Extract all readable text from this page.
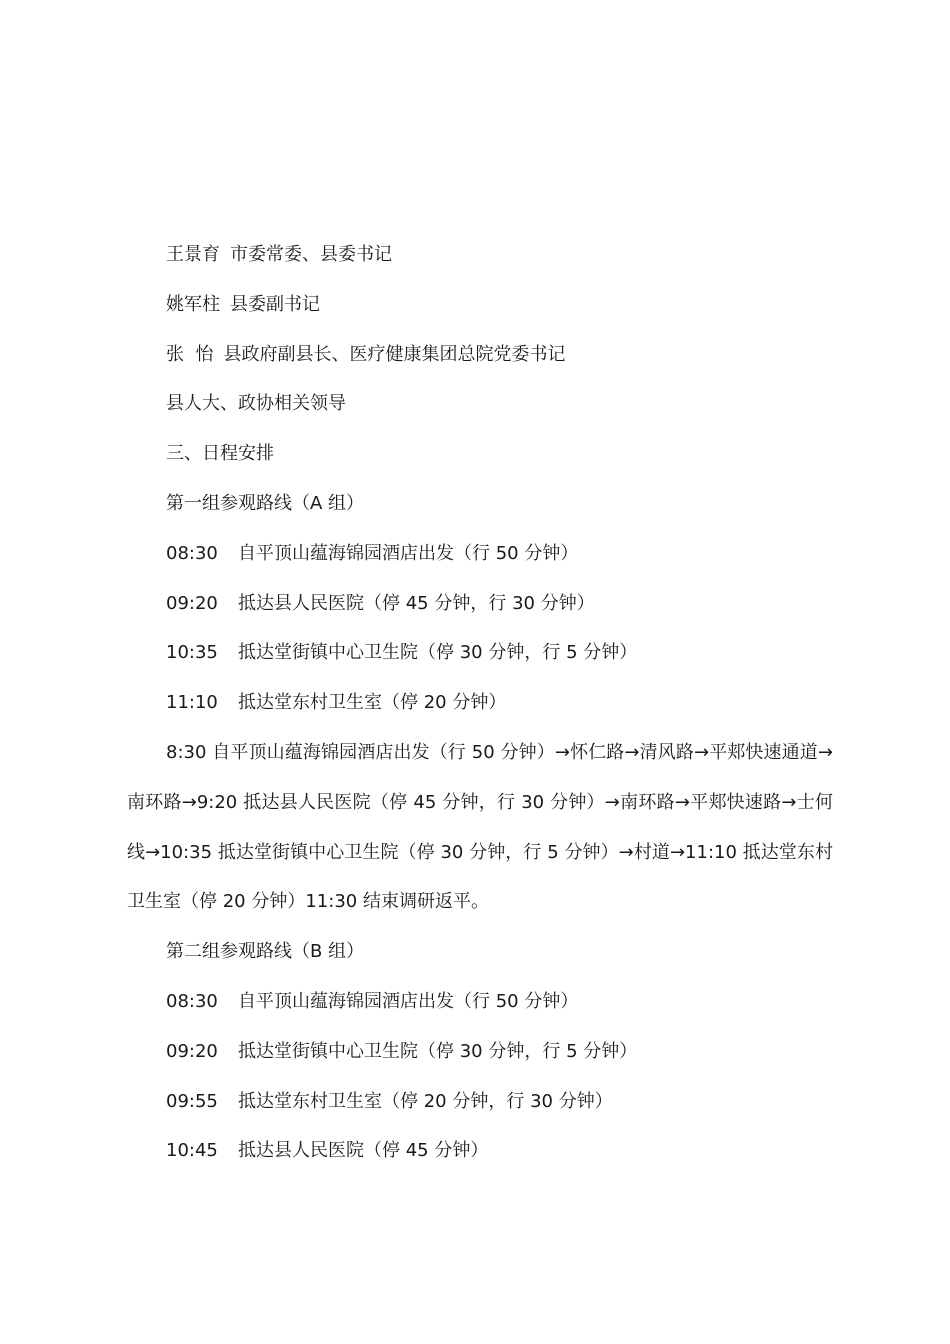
王景育 市委常委、县委书记
姚军柱 县委副书记
张  怡 县政府副县长、医疗健康集团总院党委书记
县人大、政协相关领导
三、日程安排
第一组参观路线（A 组）
08:30 自平顶山蕴海锦园酒店出发（行 50 分钟）
09:20 抵达县人民医院（停 45 分钟，行 30 分钟）
10:35 抵达堂街镇中心卫生院（停 30 分钟，行 5 分钟）
11:10 抵达堂东村卫生室（停 20 分钟）
8:30 自平顶山蕴海锦园酒店出发（行 50 分钟）→怀仁路→清风路→平郏快速通道→南环路→9:20 抵达县人民医院（停 45 分钟，行 30 分钟）→南环路→平郏快速路→士何线→10:35 抵达堂街镇中心卫生院（停 30 分钟，行 5 分钟）→村道→11:10 抵达堂东村卫生室（停 20 分钟）11:30 结束调研返平。
第二组参观路线（B 组）
08:30 自平顶山蕴海锦园酒店出发（行 50 分钟）
09:20 抵达堂街镇中心卫生院（停 30 分钟，行 5 分钟）
09:55 抵达堂东村卫生室（停 20 分钟，行 30 分钟）
10:45 抵达县人民医院（停 45 分钟）
